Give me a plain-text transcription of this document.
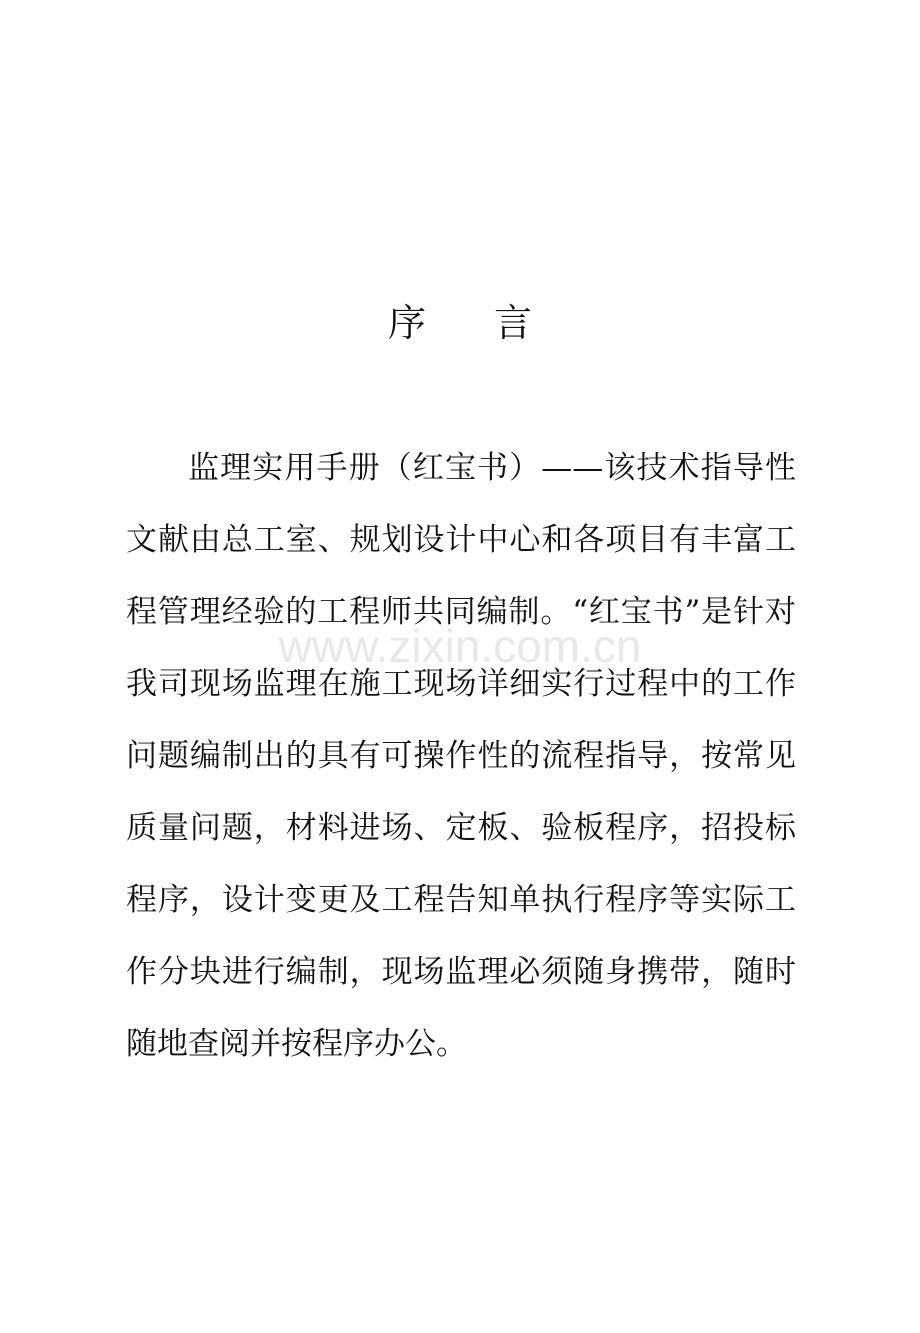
序 言
监理实用手册（红宝书）——该技术指导性
文献由总工室、规划设计中心和各项目有丰富工
程管理经验的工程师共同编制。“红宝书”是针对
我司现场监理在施工现场详细实行过程中的工作
问题编制出的具有可操作性的流程指导，按常见
质量问题，材料进场、定板、验板程序，招投标
程序，设计变更及工程告知单执行程序等实际工
作分块进行编制，现场监理必须随身携带，随时
随地查阅并按程序办公。
www.zixin.com.cn
